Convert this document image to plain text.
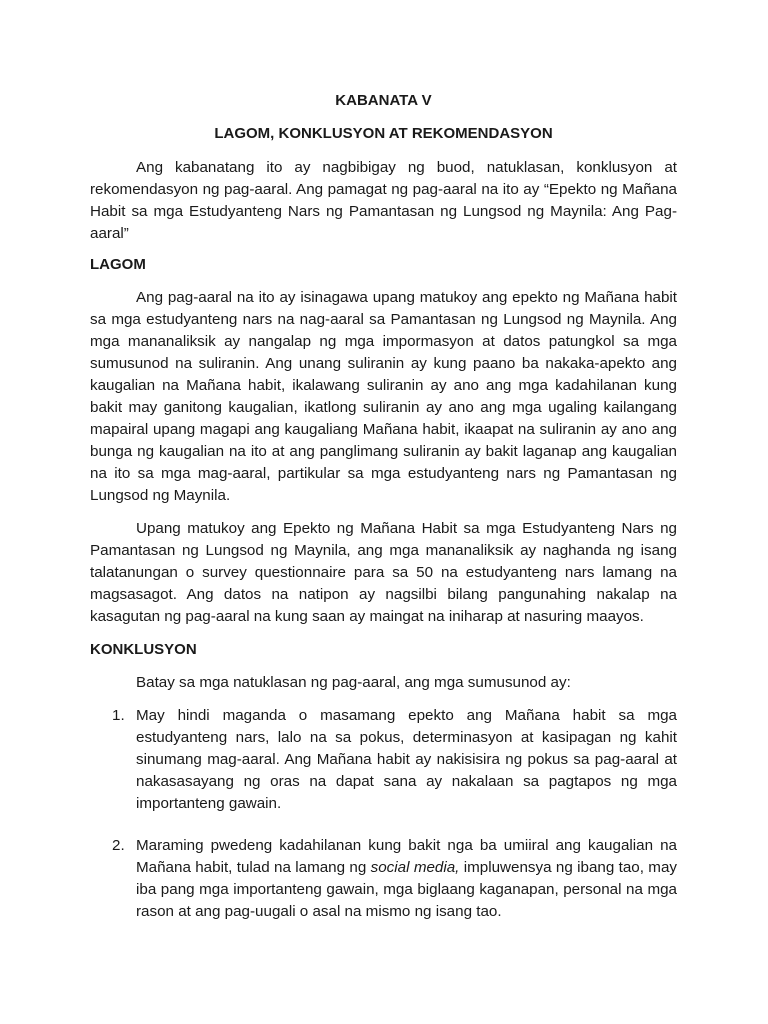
KABANATA V
LAGOM, KONKLUSYON AT REKOMENDASYON

Ang kabanatang ito ay nagbibigay ng buod, natuklasan, konklusyon at rekomendasyon ng pag-aaral. Ang pamagat ng pag-aaral na ito ay “Epekto ng Mañana Habit sa mga Estudyanteng Nars ng Pamantasan ng Lungsod ng Maynila: Ang Pag-aaral”

LAGOM

Ang pag-aaral na ito ay isinagawa upang matukoy ang epekto ng Mañana habit sa mga estudyanteng nars na nag-aaral sa Pamantasan ng Lungsod ng Maynila. Ang mga mananaliksik ay nangalap ng mga impormasyon at datos patungkol sa mga sumusunod na suliranin. Ang unang suliranin ay kung paano ba nakaka-apekto ang kaugalian na Mañana habit, ikalawang suliranin ay ano ang mga kadahilanan kung bakit may ganitong kaugalian, ikatlong suliranin ay ano ang mga ugaling kailangang mapairal upang magapi ang kaugaliang Mañana habit, ikaapat na suliranin ay ano ang bunga ng kaugalian na ito at ang panglimang suliranin ay bakit laganap ang kaugalian na ito sa mga mag-aaral, partikular sa mga estudyanteng nars ng Pamantasan ng Lungsod ng Maynila.

Upang matukoy ang Epekto ng Mañana Habit sa mga Estudyanteng Nars ng Pamantasan ng Lungsod ng Maynila, ang mga mananaliksik ay naghanda ng isang talatanungan o survey questionnaire para sa 50 na estudyanteng nars lamang na magsasagot. Ang datos na natipon ay nagsilbi bilang pangunahing nakalap na kasagutan ng pag-aaral na kung saan ay maingat na iniharap at nasuring maayos.

KONKLUSYON

Batay sa mga natuklasan ng pag-aaral, ang mga sumusunod ay:

1. May hindi maganda o masamang epekto ang Mañana habit sa mga estudyanteng nars, lalo na sa pokus, determinasyon at kasipagan ng kahit sinumang mag-aaral. Ang Mañana habit ay nakisisira ng pokus sa pag-aaral at nakasasayang ng oras na dapat sana ay nakalaan sa pagtapos ng mga importanteng gawain.

2. Maraming pwedeng kadahilanan kung bakit nga ba umiiral ang kaugalian na Mañana habit, tulad na lamang ng social media, impluwensya ng ibang tao, may iba pang mga importanteng gawain, mga biglaang kaganapan, personal na mga rason at ang pag-uugali o asal na mismo ng isang tao.
